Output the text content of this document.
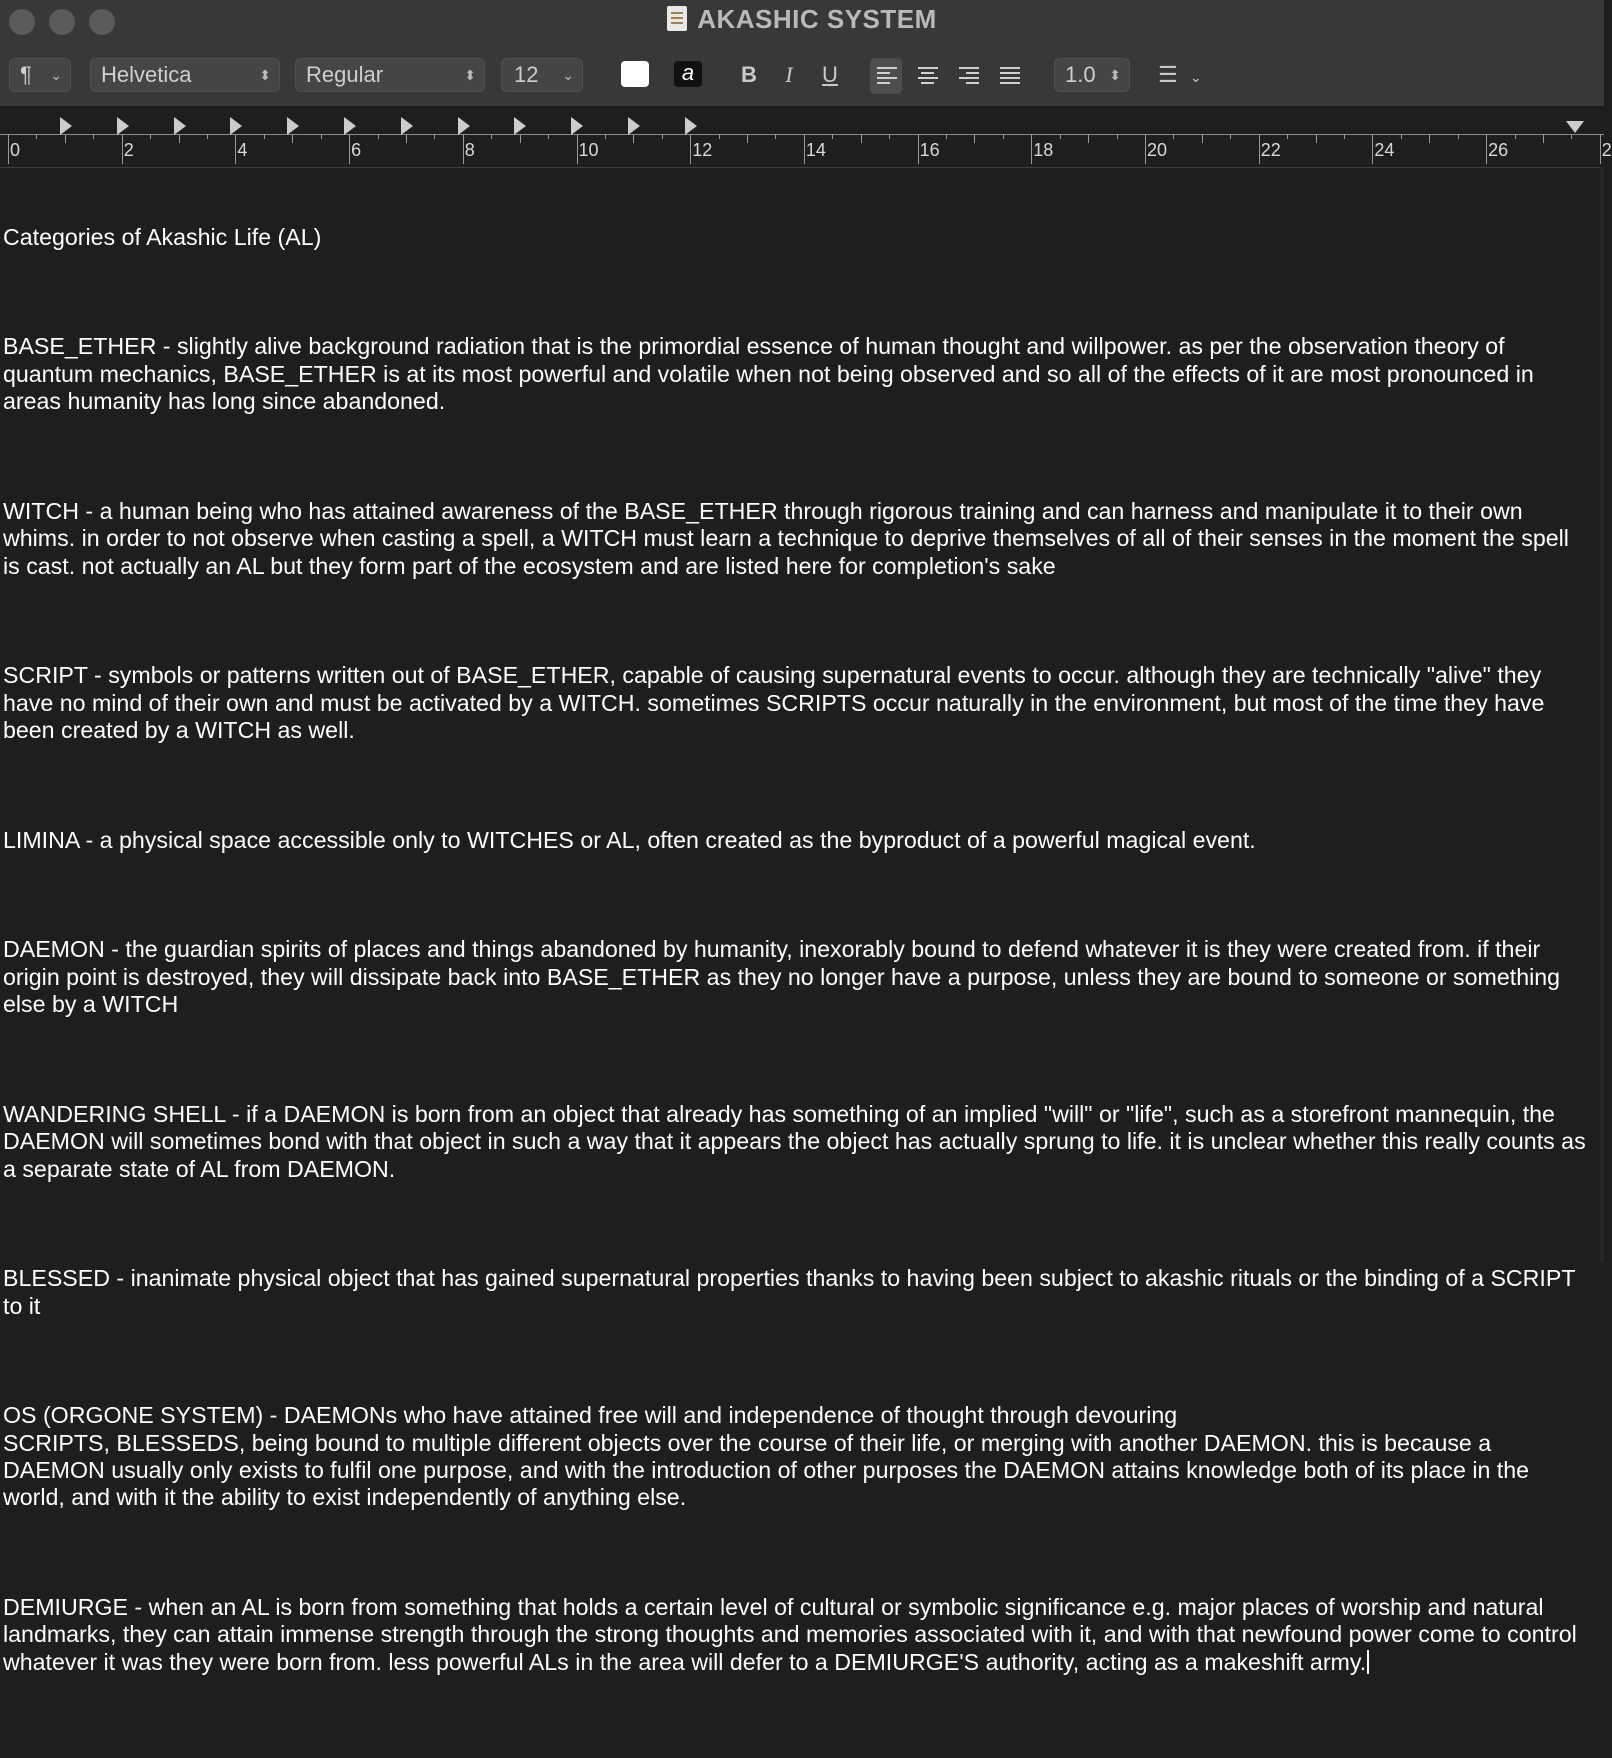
AKASHIC SYSTEM
¶ ⌄	Helvetica	⬍	Regular	⬍	12 ⌄	a	B	I	U	1.0 ⬍ ☰ ⌄
0	2	4	6	8	10	12	14	16	18	20	22	24	26	2

Categories of Akashic Life (AL)

BASE_ETHER - slightly alive background radiation that is the primordial essence of human thought and willpower. as per the observation theory of quantum mechanics, BASE_ETHER is at its most powerful and volatile when not being observed and so all of the effects of it are most pronounced in areas humanity has long since abandoned.

WITCH - a human being who has attained awareness of the BASE_ETHER through rigorous training and can harness and manipulate it to their own whims. in order to not observe when casting a spell, a WITCH must learn a technique to deprive themselves of all of their senses in the moment the spell is cast. not actually an AL but they form part of the ecosystem and are listed here for completion's sake

SCRIPT - symbols or patterns written out of BASE_ETHER, capable of causing supernatural events to occur. although they are technically "alive" they have no mind of their own and must be activated by a WITCH. sometimes SCRIPTS occur naturally in the environment, but most of the time they have been created by a WITCH as well.

LIMINA - a physical space accessible only to WITCHES or AL, often created as the byproduct of a powerful magical event.

DAEMON - the guardian spirits of places and things abandoned by humanity, inexorably bound to defend whatever it is they were created from. if their origin point is destroyed, they will dissipate back into BASE_ETHER as they no longer have a purpose, unless they are bound to someone or something else by a WITCH

WANDERING SHELL - if a DAEMON is born from an object that already has something of an implied "will" or "life", such as a storefront mannequin, the DAEMON will sometimes bond with that object in such a way that it appears the object has actually sprung to life. it is unclear whether this really counts as a separate state of AL from DAEMON.

BLESSED - inanimate physical object that has gained supernatural properties thanks to having been subject to akashic rituals or the binding of a SCRIPT to it

OS (ORGONE SYSTEM) - DAEMONs who have attained free will and independence of thought through devouring
SCRIPTS, BLESSEDS, being bound to multiple different objects over the course of their life, or merging with another DAEMON. this is because a DAEMON usually only exists to fulfil one purpose, and with the introduction of other purposes the DAEMON attains knowledge both of its place in the world, and with it the ability to exist independently of anything else.

DEMIURGE - when an AL is born from something that holds a certain level of cultural or symbolic significance e.g. major places of worship and natural landmarks, they can attain immense strength through the strong thoughts and memories associated with it, and with that newfound power come to control whatever it was they were born from. less powerful ALs in the area will defer to a DEMIURGE'S authority, acting as a makeshift army.
